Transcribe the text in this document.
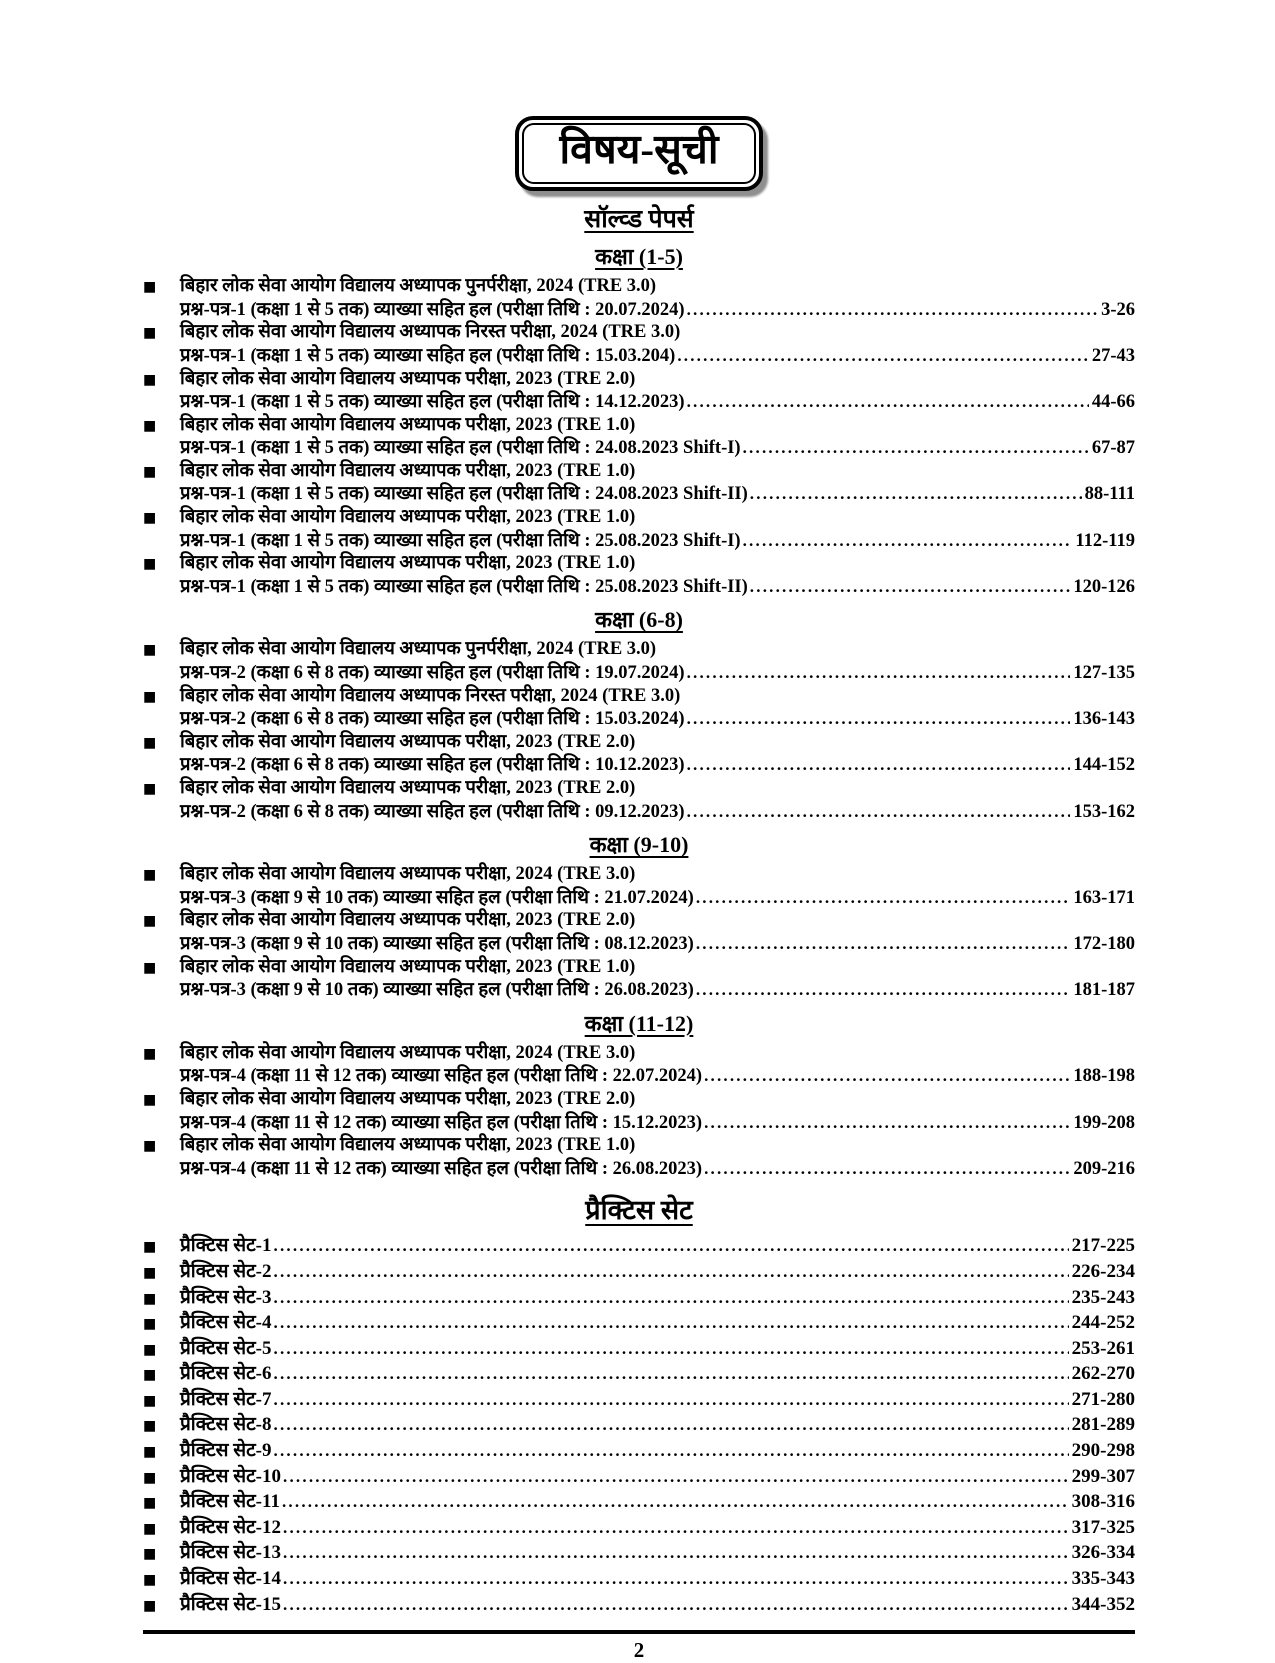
विषय-सूची
सॉल्व्ड पेपर्स
कक्षा (1-5)
■	बिहार लोक सेवा आयोग विद्यालय अध्यापक पुनर्परीक्षा, 2024 (TRE 3.0)
प्रश्न-पत्र-1 (कक्षा 1 से 5 तक) व्याख्या सहित हल (परीक्षा तिथि : 20.07.2024) .....	3-26
■	बिहार लोक सेवा आयोग विद्यालय अध्यापक निरस्त परीक्षा, 2024 (TRE 3.0)
प्रश्न-पत्र-1 (कक्षा 1 से 5 तक) व्याख्या सहित हल (परीक्षा तिथि : 15.03.204) .....	27-43
■	बिहार लोक सेवा आयोग विद्यालय अध्यापक परीक्षा, 2023 (TRE 2.0)
प्रश्न-पत्र-1 (कक्षा 1 से 5 तक) व्याख्या सहित हल (परीक्षा तिथि : 14.12.2023) .....	44-66
■	बिहार लोक सेवा आयोग विद्यालय अध्यापक परीक्षा, 2023 (TRE 1.0)
प्रश्न-पत्र-1 (कक्षा 1 से 5 तक) व्याख्या सहित हल (परीक्षा तिथि : 24.08.2023 Shift-I) .....	67-87
■	बिहार लोक सेवा आयोग विद्यालय अध्यापक परीक्षा, 2023 (TRE 1.0)
प्रश्न-पत्र-1 (कक्षा 1 से 5 तक) व्याख्या सहित हल (परीक्षा तिथि : 24.08.2023 Shift-II) .....	88-111
■	बिहार लोक सेवा आयोग विद्यालय अध्यापक परीक्षा, 2023 (TRE 1.0)
प्रश्न-पत्र-1 (कक्षा 1 से 5 तक) व्याख्या सहित हल (परीक्षा तिथि : 25.08.2023 Shift-I) .....	112-119
■	बिहार लोक सेवा आयोग विद्यालय अध्यापक परीक्षा, 2023 (TRE 1.0)
प्रश्न-पत्र-1 (कक्षा 1 से 5 तक) व्याख्या सहित हल (परीक्षा तिथि : 25.08.2023 Shift-II) .....	120-126
कक्षा (6-8)
■	बिहार लोक सेवा आयोग विद्यालय अध्यापक पुनर्परीक्षा, 2024 (TRE 3.0)
प्रश्न-पत्र-2 (कक्षा 6 से 8 तक) व्याख्या सहित हल (परीक्षा तिथि : 19.07.2024) .....	127-135
■	बिहार लोक सेवा आयोग विद्यालय अध्यापक निरस्त परीक्षा, 2024 (TRE 3.0)
प्रश्न-पत्र-2 (कक्षा 6 से 8 तक) व्याख्या सहित हल (परीक्षा तिथि : 15.03.2024) .....	136-143
■	बिहार लोक सेवा आयोग विद्यालय अध्यापक परीक्षा, 2023 (TRE 2.0)
प्रश्न-पत्र-2 (कक्षा 6 से 8 तक) व्याख्या सहित हल (परीक्षा तिथि : 10.12.2023) .....	144-152
■	बिहार लोक सेवा आयोग विद्यालय अध्यापक परीक्षा, 2023 (TRE 2.0)
प्रश्न-पत्र-2 (कक्षा 6 से 8 तक) व्याख्या सहित हल (परीक्षा तिथि : 09.12.2023) .....	153-162
कक्षा (9-10)
■	बिहार लोक सेवा आयोग विद्यालय अध्यापक परीक्षा, 2024 (TRE 3.0)
प्रश्न-पत्र-3 (कक्षा 9 से 10 तक) व्याख्या सहित हल (परीक्षा तिथि : 21.07.2024) .....	163-171
■	बिहार लोक सेवा आयोग विद्यालय अध्यापक परीक्षा, 2023 (TRE 2.0)
प्रश्न-पत्र-3 (कक्षा 9 से 10 तक) व्याख्या सहित हल (परीक्षा तिथि : 08.12.2023) .....	172-180
■	बिहार लोक सेवा आयोग विद्यालय अध्यापक परीक्षा, 2023 (TRE 1.0)
प्रश्न-पत्र-3 (कक्षा 9 से 10 तक) व्याख्या सहित हल (परीक्षा तिथि : 26.08.2023) .....	181-187
कक्षा (11-12)
■	बिहार लोक सेवा आयोग विद्यालय अध्यापक परीक्षा, 2024 (TRE 3.0)
प्रश्न-पत्र-4 (कक्षा 11 से 12 तक) व्याख्या सहित हल (परीक्षा तिथि : 22.07.2024) .....	188-198
■	बिहार लोक सेवा आयोग विद्यालय अध्यापक परीक्षा, 2023 (TRE 2.0)
प्रश्न-पत्र-4 (कक्षा 11 से 12 तक) व्याख्या सहित हल (परीक्षा तिथि : 15.12.2023) .....	199-208
■	बिहार लोक सेवा आयोग विद्यालय अध्यापक परीक्षा, 2023 (TRE 1.0)
प्रश्न-पत्र-4 (कक्षा 11 से 12 तक) व्याख्या सहित हल (परीक्षा तिथि : 26.08.2023) .....	209-216
प्रैक्टिस सेट
■	प्रैक्टिस सेट-1 .....	217-225
■	प्रैक्टिस सेट-2 .....	226-234
■	प्रैक्टिस सेट-3 .....	235-243
■	प्रैक्टिस सेट-4 .....	244-252
■	प्रैक्टिस सेट-5 .....	253-261
■	प्रैक्टिस सेट-6 .....	262-270
■	प्रैक्टिस सेट-7 .....	271-280
■	प्रैक्टिस सेट-8 .....	281-289
■	प्रैक्टिस सेट-9 .....	290-298
■	प्रैक्टिस सेट-10 .....	299-307
■	प्रैक्टिस सेट-11 .....	308-316
■	प्रैक्टिस सेट-12 .....	317-325
■	प्रैक्टिस सेट-13 .....	326-334
■	प्रैक्टिस सेट-14 .....	335-343
■	प्रैक्टिस सेट-15 .....	344-352
2
